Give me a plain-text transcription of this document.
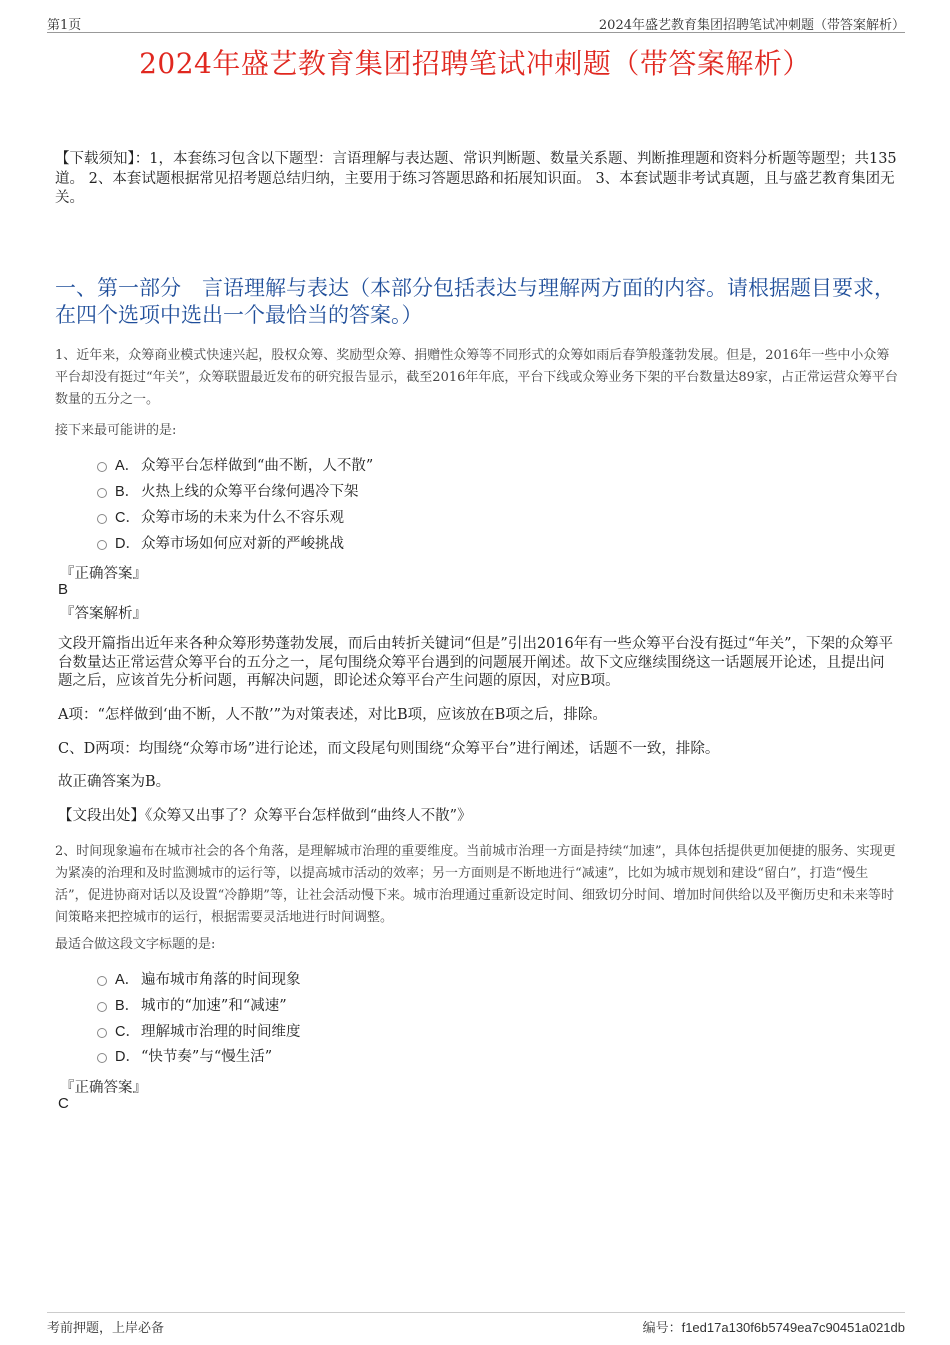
第1页	2024年盛艺教育集团招聘笔试冲刺题（带答案解析）
2024年盛艺教育集团招聘笔试冲刺题（带答案解析）
【下载须知】：1，本套练习包含以下题型：言语理解与表达题、常识判断题、数量关系题、判断推理题和资料分析题等题型；共135道。 2、本套试题根据常见招考题总结归纳，主要用于练习答题思路和拓展知识面。 3、本套试题非考试真题，且与盛艺教育集团无关。
一、第一部分　言语理解与表达（本部分包括表达与理解两方面的内容。请根据题目要求，在四个选项中选出一个最恰当的答案。）
1、近年来，众筹商业模式快速兴起，股权众筹、奖励型众筹、捐赠性众筹等不同形式的众筹如雨后春笋般蓬勃发展。但是，2016年一些中小众筹平台却没有挺过“年关”，众筹联盟最近发布的研究报告显示，截至2016年年底，平台下线或众筹业务下架的平台数量达89家，占正常运营众筹平台数量的五分之一。
接下来最可能讲的是:
A． 众筹平台怎样做到“曲不断，人不散”
B． 火热上线的众筹平台缘何遇冷下架
C．众筹市场的未来为什么不容乐观
D．众筹市场如何应对新的严峻挑战
『正确答案』
B
『答案解析』
文段开篇指出近年来各种众筹形势蓬勃发展，而后由转折关键词“但是”引出2016年有一些众筹平台没有挺过“年关”，下架的众筹平台数量达正常运营众筹平台的五分之一，尾句围绕众筹平台遇到的问题展开阐述。故下文应继续围绕这一话题展开论述，且提出问题之后，应该首先分析问题，再解决问题，即论述众筹平台产生问题的原因，对应B项。
A项：“怎样做到‘曲不断，人不散’”为对策表述，对比B项，应该放在B项之后，排除。
C、D两项：均围绕“众筹市场”进行论述，而文段尾句则围绕“众筹平台”进行阐述，话题不一致，排除。
故正确答案为B。
【文段出处】《众筹又出事了？众筹平台怎样做到“曲终人不散”》
2、时间现象遍布在城市社会的各个角落，是理解城市治理的重要维度。当前城市治理一方面是持续“加速”，具体包括提供更加便捷的服务、实现更为紧凑的治理和及时监测城市的运行等，以提高城市活动的效率；另一方面则是不断地进行“减速”，比如为城市规划和建设“留白”，打造“慢生活”，促进协商对话以及设置“冷静期”等，让社会活动慢下来。城市治理通过重新设定时间、细致切分时间、增加时间供给以及平衡历史和未来等时间策略来把控城市的运行，根据需要灵活地进行时间调整。
最适合做这段文字标题的是:
A． 遍布城市角落的时间现象
B． 城市的“加速”和“减速”
C．理解城市治理的时间维度
D．“快节奏”与“慢生活”
『正确答案』
C
考前押题，上岸必备	编号：f1ed17a130f6b5749ea7c90451a021db
